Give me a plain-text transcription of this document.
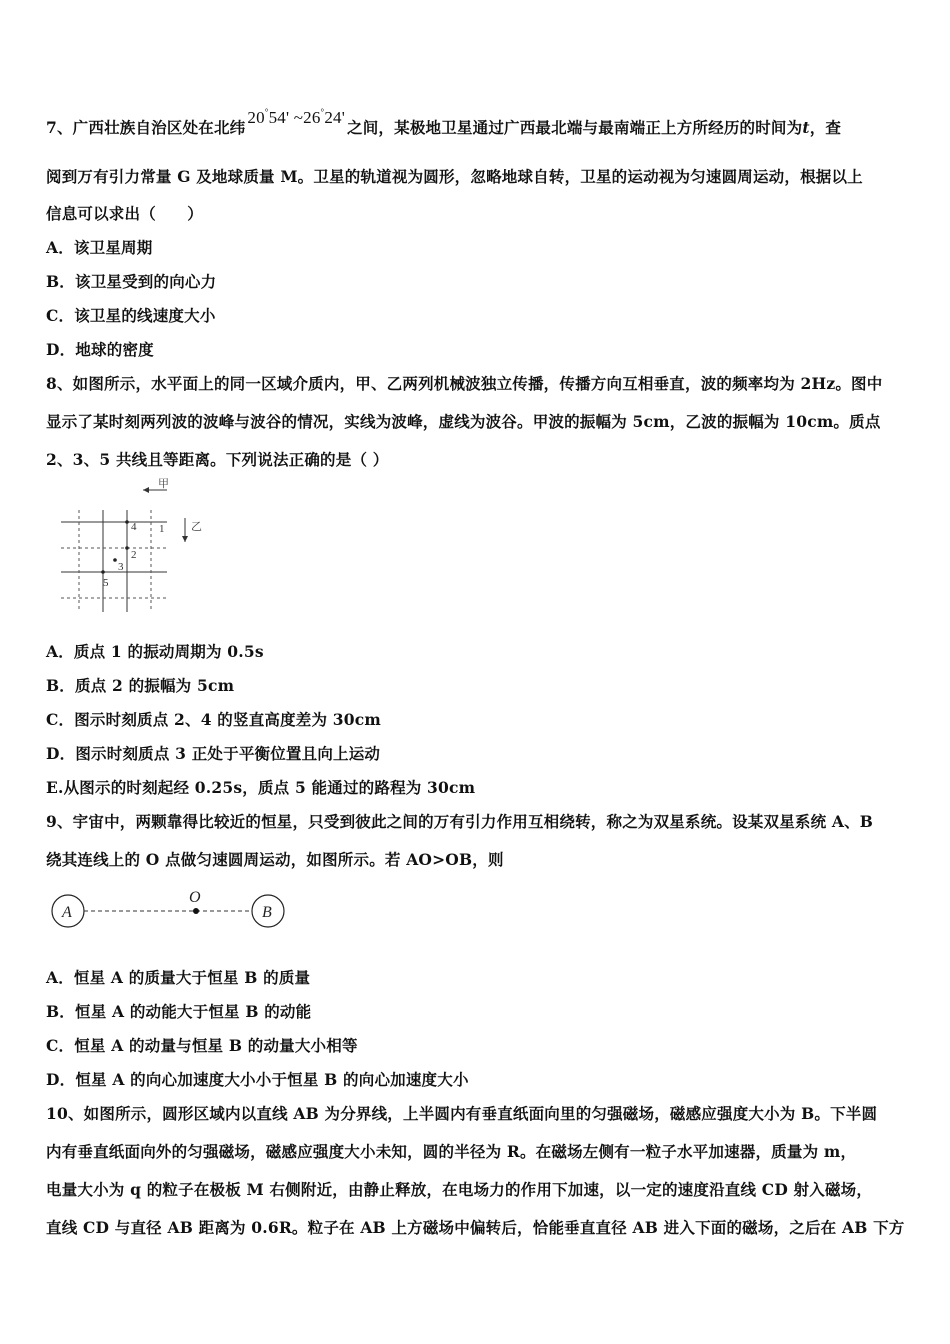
7、广西壮族自治区处在北纬20°54' ~26°24'之间，某极地卫星通过广西最北端与最南端正上方所经历的时间为t，查
阅到万有引力常量 G 及地球质量 M。卫星的轨道视为圆形，忽略地球自转，卫星的运动视为匀速圆周运动，根据以上
信息可以求出（　　）
A．该卫星周期
B．该卫星受到的向心力
C．该卫星的线速度大小
D．地球的密度
8、如图所示，水平面上的同一区域介质内，甲、乙两列机械波独立传播，传播方向互相垂直，波的频率均为 2Hz。图中
显示了某时刻两列波的波峰与波谷的情况，实线为波峰，虚线为波谷。甲波的振幅为 5cm，乙波的振幅为 10cm。质点
2、3、5 共线且等距离。下列说法正确的是（ ）
甲
乙
4 1
2
3
5
A．质点 1 的振动周期为 0.5s
B．质点 2 的振幅为 5cm
C．图示时刻质点 2、4 的竖直高度差为 30cm
D．图示时刻质点 3 正处于平衡位置且向上运动
E.从图示的时刻起经 0.25s，质点 5 能通过的路程为 30cm
9、宇宙中，两颗靠得比较近的恒星，只受到彼此之间的万有引力作用互相绕转，称之为双星系统。设某双星系统 A、B
绕其连线上的 O 点做匀速圆周运动，如图所示。若 AO>OB，则
A
O
B
A．恒星 A 的质量大于恒星 B 的质量
B．恒星 A 的动能大于恒星 B 的动能
C．恒星 A 的动量与恒星 B 的动量大小相等
D．恒星 A 的向心加速度大小小于恒星 B 的向心加速度大小
10、如图所示，圆形区域内以直线 AB 为分界线，上半圆内有垂直纸面向里的匀强磁场，磁感应强度大小为 B。下半圆
内有垂直纸面向外的匀强磁场，磁感应强度大小未知，圆的半径为 R。在磁场左侧有一粒子水平加速器，质量为 m，
电量大小为 q 的粒子在极板 M 右侧附近，由静止释放，在电场力的作用下加速，以一定的速度沿直线 CD 射入磁场，
直线 CD 与直径 AB 距离为 0.6R。粒子在 AB 上方磁场中偏转后，恰能垂直直径 AB 进入下面的磁场，之后在 AB 下方
